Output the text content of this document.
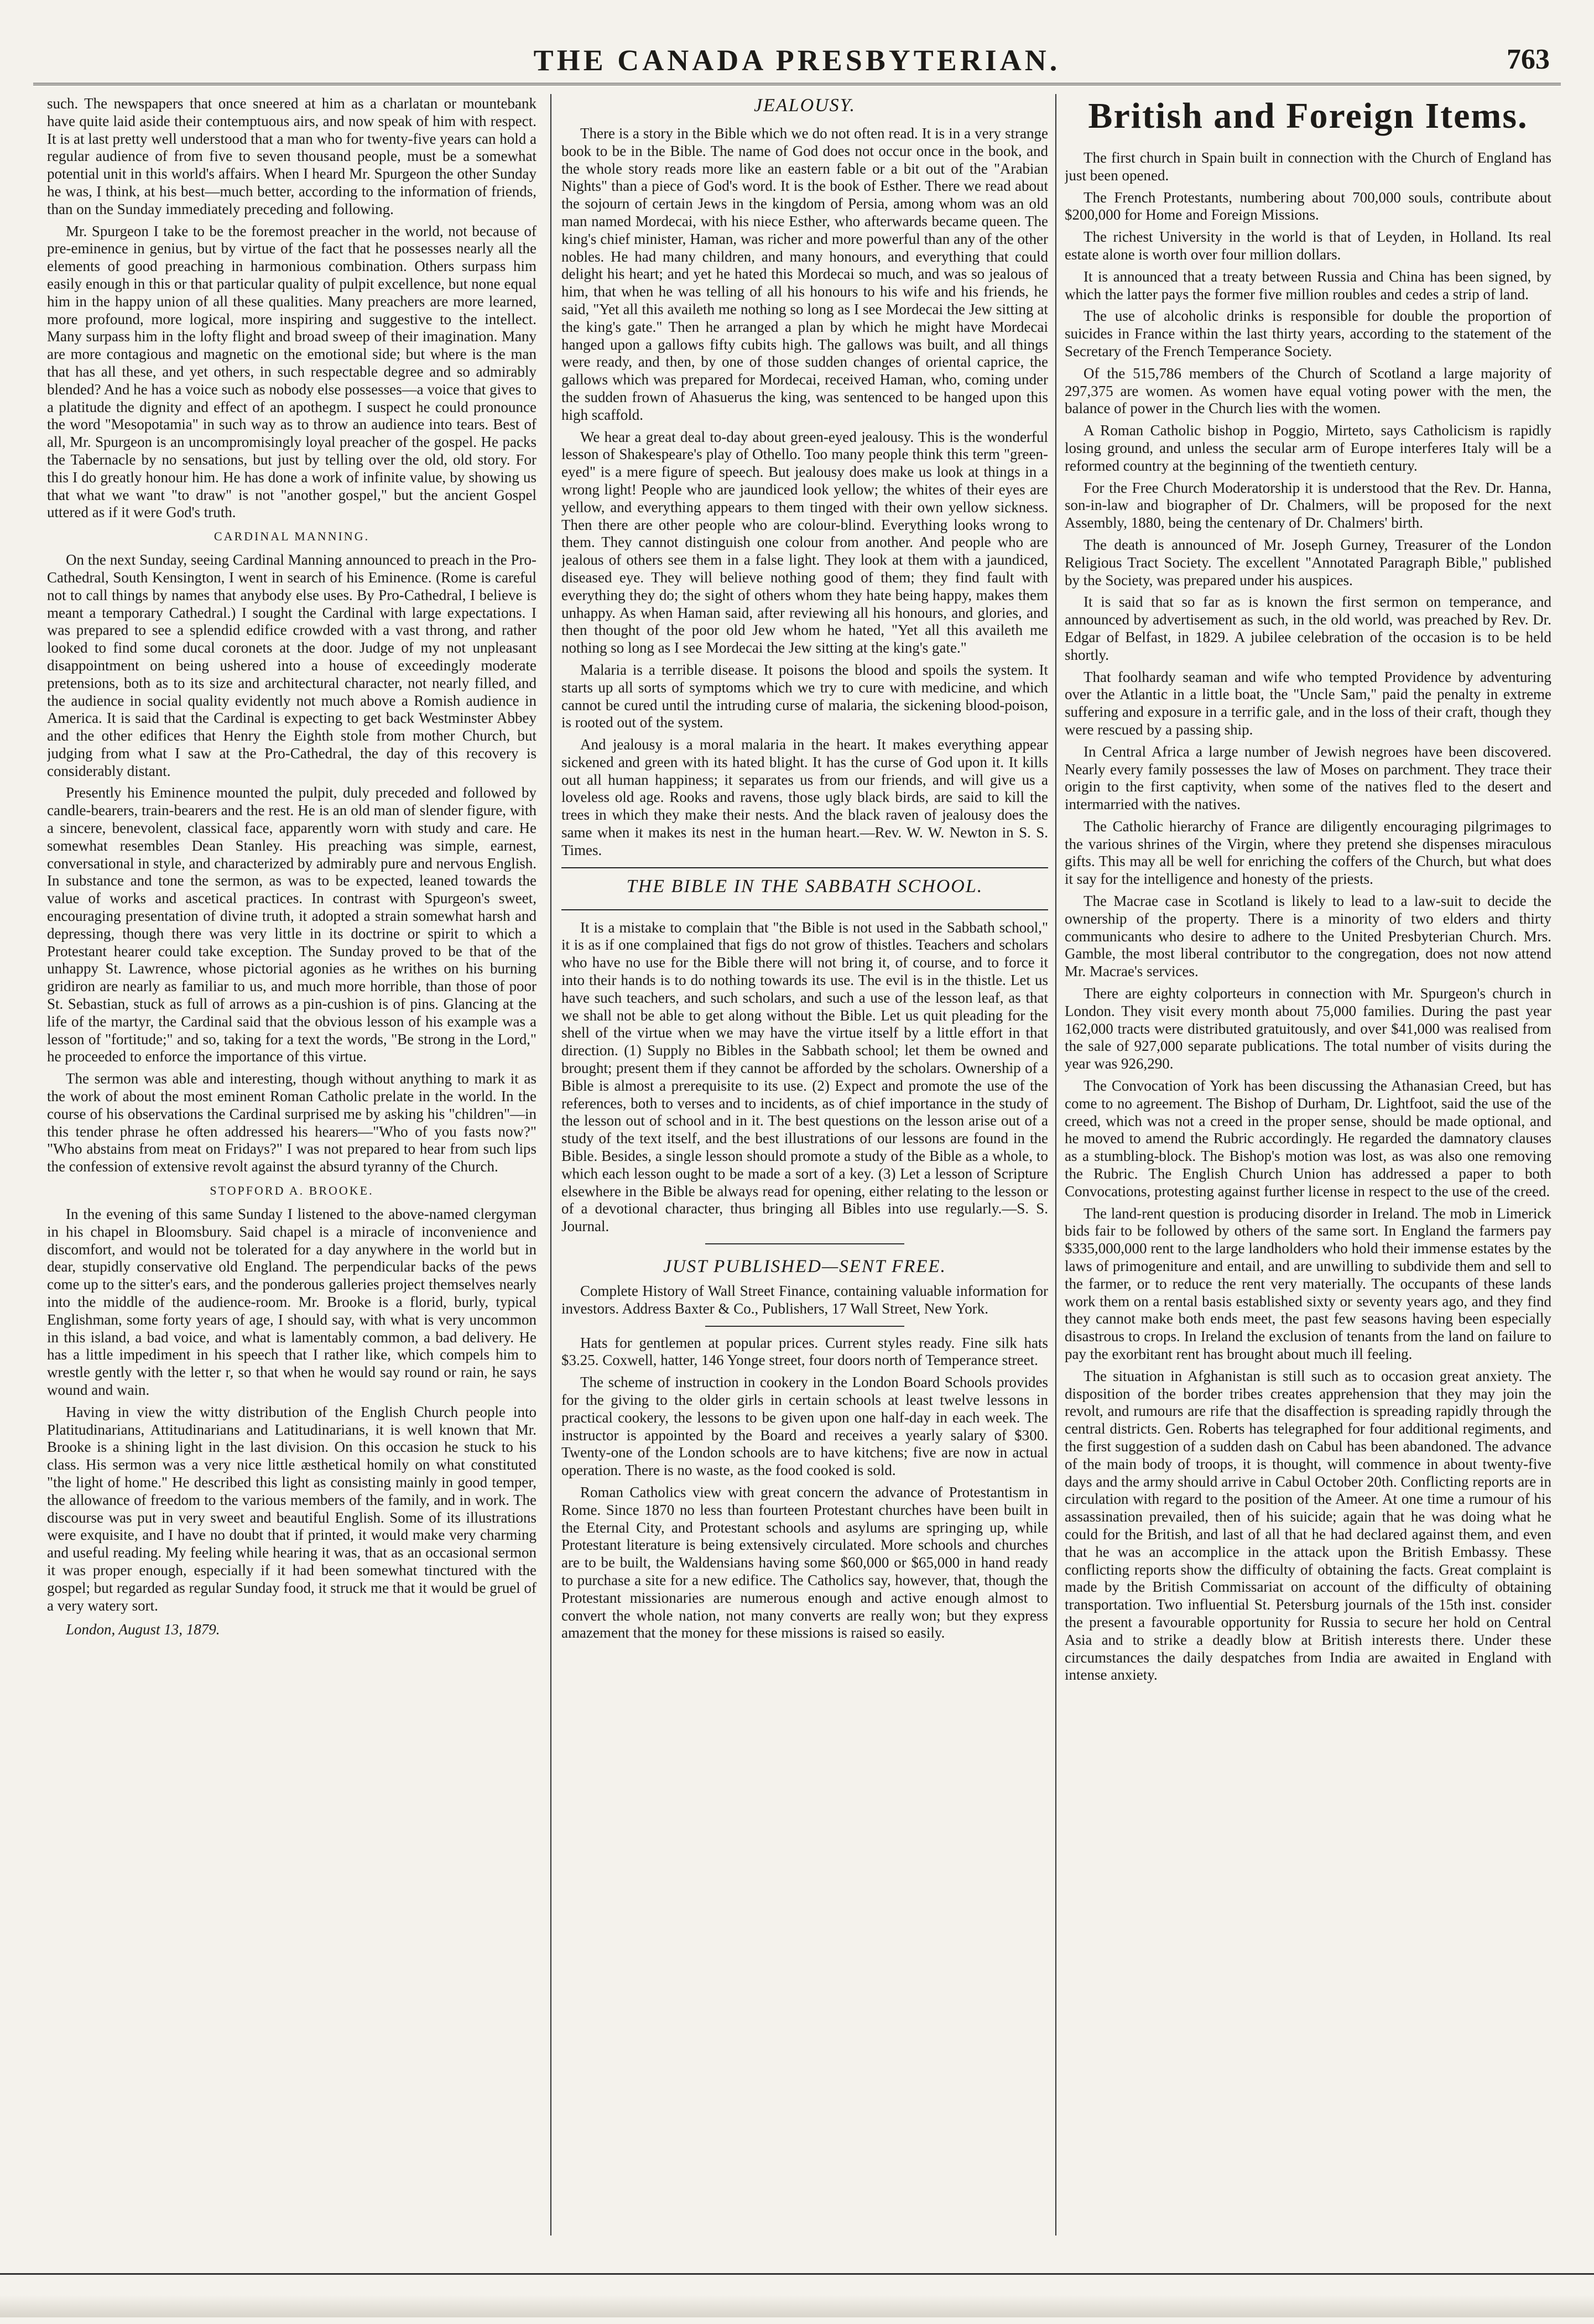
THE CANADA PRESBYTERIAN.	763

such. The newspapers that once sneered at him as a charlatan or mountebank have quite laid aside their contemptuous airs, and now speak of him with respect. It is at last pretty well understood that a man who for twenty-five years can hold a regular audience of from five to seven thousand people, must be a somewhat potential unit in this world's affairs. When I heard Mr. Spurgeon the other Sunday he was, I think, at his best—much better, according to the information of friends, than on the Sunday immediately preceding and following.

Mr. Spurgeon I take to be the foremost preacher in the world, not because of pre-eminence in genius, but by virtue of the fact that he possesses nearly all the elements of good preaching in harmonious combination. Others surpass him easily enough in this or that particular quality of pulpit excellence, but none equal him in the happy union of all these qualities. Many preachers are more learned, more profound, more logical, more inspiring and suggestive to the intellect. Many surpass him in the lofty flight and broad sweep of their imagination. Many are more contagious and magnetic on the emotional side; but where is the man that has all these, and yet others, in such respectable degree and so admirably blended? And he has a voice such as nobody else possesses—a voice that gives to a platitude the dignity and effect of an apothegm. I suspect he could pronounce the word "Mesopotamia" in such way as to throw an audience into tears. Best of all, Mr. Spurgeon is an uncompromisingly loyal preacher of the gospel. He packs the Tabernacle by no sensations, but just by telling over the old, old story. For this I do greatly honour him. He has done a work of infinite value, by showing us that what we want "to draw" is not "another gospel," but the ancient Gospel uttered as if it were God's truth.

CARDINAL MANNING.

On the next Sunday, seeing Cardinal Manning announced to preach in the Pro-Cathedral, South Kensington, I went in search of his Eminence. (Rome is careful not to call things by names that anybody else uses. By Pro-Cathedral, I believe is meant a temporary Cathedral.) I sought the Cardinal with large expectations. I was prepared to see a splendid edifice crowded with a vast throng, and rather looked to find some ducal coronets at the door. Judge of my not unpleasant disappointment on being ushered into a house of exceedingly moderate pretensions, both as to its size and architectural character, not nearly filled, and the audience in social quality evidently not much above a Romish audience in America. It is said that the Cardinal is expecting to get back Westminster Abbey and the other edifices that Henry the Eighth stole from mother Church, but judging from what I saw at the Pro-Cathedral, the day of this recovery is considerably distant.

Presently his Eminence mounted the pulpit, duly preceded and followed by candle-bearers, train-bearers and the rest. He is an old man of slender figure, with a sincere, benevolent, classical face, apparently worn with study and care. He somewhat resembles Dean Stanley. His preaching was simple, earnest, conversational in style, and characterized by admirably pure and nervous English. In substance and tone the sermon, as was to be expected, leaned towards the value of works and ascetical practices. In contrast with Spurgeon's sweet, encouraging presentation of divine truth, it adopted a strain somewhat harsh and depressing, though there was very little in its doctrine or spirit to which a Protestant hearer could take exception. The Sunday proved to be that of the unhappy St. Lawrence, whose pictorial agonies as he writhes on his burning gridiron are nearly as familiar to us, and much more horrible, than those of poor St. Sebastian, stuck as full of arrows as a pin-cushion is of pins. Glancing at the life of the martyr, the Cardinal said that the obvious lesson of his example was a lesson of "fortitude;" and so, taking for a text the words, "Be strong in the Lord," he proceeded to enforce the importance of this virtue.

The sermon was able and interesting, though without anything to mark it as the work of about the most eminent Roman Catholic prelate in the world. In the course of his observations the Cardinal surprised me by asking his "children"—in this tender phrase he often addressed his hearers—"Who of you fasts now?" "Who abstains from meat on Fridays?" I was not prepared to hear from such lips the confession of extensive revolt against the absurd tyranny of the Church.

STOPFORD A. BROOKE.

In the evening of this same Sunday I listened to the above-named clergyman in his chapel in Bloomsbury. Said chapel is a miracle of inconvenience and discomfort, and would not be tolerated for a day anywhere in the world but in dear, stupidly conservative old England. The perpendicular backs of the pews come up to the sitter's ears, and the ponderous galleries project themselves nearly into the middle of the audience-room. Mr. Brooke is a florid, burly, typical Englishman, some forty years of age, I should say, with what is very uncommon in this island, a bad voice, and what is lamentably common, a bad delivery. He has a little impediment in his speech that I rather like, which compels him to wrestle gently with the letter r, so that when he would say round or rain, he says wound and wain.

Having in view the witty distribution of the English Church people into Platitudinarians, Attitudinarians and Latitudinarians, it is well known that Mr. Brooke is a shining light in the last division. On this occasion he stuck to his class. His sermon was a very nice little æsthetical homily on what constituted "the light of home." He described this light as consisting mainly in good temper, the allowance of freedom to the various members of the family, and in work. The discourse was put in very sweet and beautiful English. Some of its illustrations were exquisite, and I have no doubt that if printed, it would make very charming and useful reading. My feeling while hearing it was, that as an occasional sermon it was proper enough, especially if it had been somewhat tinctured with the gospel; but regarded as regular Sunday food, it struck me that it would be gruel of a very watery sort.

London, August 13, 1879.
JEALOUSY.

There is a story in the Bible which we do not often read. It is in a very strange book to be in the Bible. The name of God does not occur once in the book, and the whole story reads more like an eastern fable or a bit out of the "Arabian Nights" than a piece of God's word. It is the book of Esther. There we read about the sojourn of certain Jews in the kingdom of Persia, among whom was an old man named Mordecai, with his niece Esther, who afterwards became queen. The king's chief minister, Haman, was richer and more powerful than any of the other nobles. He had many children, and many honours, and everything that could delight his heart; and yet he hated this Mordecai so much, and was so jealous of him, that when he was telling of all his honours to his wife and his friends, he said, "Yet all this availeth me nothing so long as I see Mordecai the Jew sitting at the king's gate." Then he arranged a plan by which he might have Mordecai hanged upon a gallows fifty cubits high. The gallows was built, and all things were ready, and then, by one of those sudden changes of oriental caprice, the gallows which was prepared for Mordecai, received Haman, who, coming under the sudden frown of Ahasuerus the king, was sentenced to be hanged upon this high scaffold.

We hear a great deal to-day about green-eyed jealousy. This is the wonderful lesson of Shakespeare's play of Othello. Too many people think this term "green-eyed" is a mere figure of speech. But jealousy does make us look at things in a wrong light! People who are jaundiced look yellow; the whites of their eyes are yellow, and everything appears to them tinged with their own yellow sickness. Then there are other people who are colour-blind. Everything looks wrong to them. They cannot distinguish one colour from another. And people who are jealous of others see them in a false light. They look at them with a jaundiced, diseased eye. They will believe nothing good of them; they find fault with everything they do; the sight of others whom they hate being happy, makes them unhappy. As when Haman said, after reviewing all his honours, and glories, and then thought of the poor old Jew whom he hated, "Yet all this availeth me nothing so long as I see Mordecai the Jew sitting at the king's gate."

Malaria is a terrible disease. It poisons the blood and spoils the system. It starts up all sorts of symptoms which we try to cure with medicine, and which cannot be cured until the intruding curse of malaria, the sickening blood-poison, is rooted out of the system.

And jealousy is a moral malaria in the heart. It makes everything appear sickened and green with its hated blight. It has the curse of God upon it. It kills out all human happiness; it separates us from our friends, and will give us a loveless old age. Rooks and ravens, those ugly black birds, are said to kill the trees in which they make their nests. And the black raven of jealousy does the same when it makes its nest in the human heart.—Rev. W. W. Newton in S. S. Times.

THE BIBLE IN THE SABBATH SCHOOL.

It is a mistake to complain that "the Bible is not used in the Sabbath school," it is as if one complained that figs do not grow of thistles. Teachers and scholars who have no use for the Bible there will not bring it, of course, and to force it into their hands is to do nothing towards its use. The evil is in the thistle. Let us have such teachers, and such scholars, and such a use of the lesson leaf, as that we shall not be able to get along without the Bible. Let us quit pleading for the shell of the virtue when we may have the virtue itself by a little effort in that direction. (1) Supply no Bibles in the Sabbath school; let them be owned and brought; present them if they cannot be afforded by the scholars. Ownership of a Bible is almost a prerequisite to its use. (2) Expect and promote the use of the references, both to verses and to incidents, as of chief importance in the study of the lesson out of school and in it. The best questions on the lesson arise out of a study of the text itself, and the best illustrations of our lessons are found in the Bible. Besides, a single lesson should promote a study of the Bible as a whole, to which each lesson ought to be made a sort of a key. (3) Let a lesson of Scripture elsewhere in the Bible be always read for opening, either relating to the lesson or of a devotional character, thus bringing all Bibles into use regularly.—S. S. Journal.

JUST PUBLISHED—SENT FREE.

Complete History of Wall Street Finance, containing valuable information for investors. Address Baxter & Co., Publishers, 17 Wall Street, New York.

Hats for gentlemen at popular prices. Current styles ready. Fine silk hats $3.25. Coxwell, hatter, 146 Yonge street, four doors north of Temperance street.

The scheme of instruction in cookery in the London Board Schools provides for the giving to the older girls in certain schools at least twelve lessons in practical cookery, the lessons to be given upon one half-day in each week. The instructor is appointed by the Board and receives a yearly salary of $300. Twenty-one of the London schools are to have kitchens; five are now in actual operation. There is no waste, as the food cooked is sold.

Roman Catholics view with great concern the advance of Protestantism in Rome. Since 1870 no less than fourteen Protestant churches have been built in the Eternal City, and Protestant schools and asylums are springing up, while Protestant literature is being extensively circulated. More schools and churches are to be built, the Waldensians having some $60,000 or $65,000 in hand ready to purchase a site for a new edifice. The Catholics say, however, that, though the Protestant missionaries are numerous enough and active enough almost to convert the whole nation, not many converts are really won; but they express amazement that the money for these missions is raised so easily.

British and Foreign Items.

The first church in Spain built in connection with the Church of England has just been opened.

The French Protestants, numbering about 700,000 souls, contribute about $200,000 for Home and Foreign Missions.

The richest University in the world is that of Leyden, in Holland. Its real estate alone is worth over four million dollars.

It is announced that a treaty between Russia and China has been signed, by which the latter pays the former five million roubles and cedes a strip of land.

The use of alcoholic drinks is responsible for double the proportion of suicides in France within the last thirty years, according to the statement of the Secretary of the French Temperance Society.

Of the 515,786 members of the Church of Scotland a large majority of 297,375 are women. As women have equal voting power with the men, the balance of power in the Church lies with the women.

A Roman Catholic bishop in Poggio, Mirteto, says Catholicism is rapidly losing ground, and unless the secular arm of Europe interferes Italy will be a reformed country at the beginning of the twentieth century.

For the Free Church Moderatorship it is understood that the Rev. Dr. Hanna, son-in-law and biographer of Dr. Chalmers, will be proposed for the next Assembly, 1880, being the centenary of Dr. Chalmers' birth.

The death is announced of Mr. Joseph Gurney, Treasurer of the London Religious Tract Society. The excellent "Annotated Paragraph Bible," published by the Society, was prepared under his auspices.

It is said that so far as is known the first sermon on temperance, and announced by advertisement as such, in the old world, was preached by Rev. Dr. Edgar of Belfast, in 1829. A jubilee celebration of the occasion is to be held shortly.

That foolhardy seaman and wife who tempted Providence by adventuring over the Atlantic in a little boat, the "Uncle Sam," paid the penalty in extreme suffering and exposure in a terrific gale, and in the loss of their craft, though they were rescued by a passing ship.

In Central Africa a large number of Jewish negroes have been discovered. Nearly every family possesses the law of Moses on parchment. They trace their origin to the first captivity, when some of the natives fled to the desert and intermarried with the natives.

The Catholic hierarchy of France are diligently encouraging pilgrimages to the various shrines of the Virgin, where they pretend she dispenses miraculous gifts. This may all be well for enriching the coffers of the Church, but what does it say for the intelligence and honesty of the priests.

The Macrae case in Scotland is likely to lead to a law-suit to decide the ownership of the property. There is a minority of two elders and thirty communicants who desire to adhere to the United Presbyterian Church. Mrs. Gamble, the most liberal contributor to the congregation, does not now attend Mr. Macrae's services.

There are eighty colporteurs in connection with Mr. Spurgeon's church in London. They visit every month about 75,000 families. During the past year 162,000 tracts were distributed gratuitously, and over $41,000 was realised from the sale of 927,000 separate publications. The total number of visits during the year was 926,290.

The Convocation of York has been discussing the Athanasian Creed, but has come to no agreement. The Bishop of Durham, Dr. Lightfoot, said the use of the creed, which was not a creed in the proper sense, should be made optional, and he moved to amend the Rubric accordingly. He regarded the damnatory clauses as a stumbling-block. The Bishop's motion was lost, as was also one removing the Rubric. The English Church Union has addressed a paper to both Convocations, protesting against further license in respect to the use of the creed.

The land-rent question is producing disorder in Ireland. The mob in Limerick bids fair to be followed by others of the same sort. In England the farmers pay $335,000,000 rent to the large landholders who hold their immense estates by the laws of primogeniture and entail, and are unwilling to subdivide them and sell to the farmer, or to reduce the rent very materially. The occupants of these lands work them on a rental basis established sixty or seventy years ago, and they find they cannot make both ends meet, the past few seasons having been especially disastrous to crops. In Ireland the exclusion of tenants from the land on failure to pay the exorbitant rent has brought about much ill feeling.

The situation in Afghanistan is still such as to occasion great anxiety. The disposition of the border tribes creates apprehension that they may join the revolt, and rumours are rife that the disaffection is spreading rapidly through the central districts. Gen. Roberts has telegraphed for four additional regiments, and the first suggestion of a sudden dash on Cabul has been abandoned. The advance of the main body of troops, it is thought, will commence in about twenty-five days and the army should arrive in Cabul October 20th. Conflicting reports are in circulation with regard to the position of the Ameer. At one time a rumour of his assassination prevailed, then of his suicide; again that he was doing what he could for the British, and last of all that he had declared against them, and even that he was an accomplice in the attack upon the British Embassy. These conflicting reports show the difficulty of obtaining the facts. Great complaint is made by the British Commissariat on account of the difficulty of obtaining transportation. Two influential St. Petersburg journals of the 15th inst. consider the present a favourable opportunity for Russia to secure her hold on Central Asia and to strike a deadly blow at British interests there. Under these circumstances the daily despatches from India are awaited in England with intense anxiety.
